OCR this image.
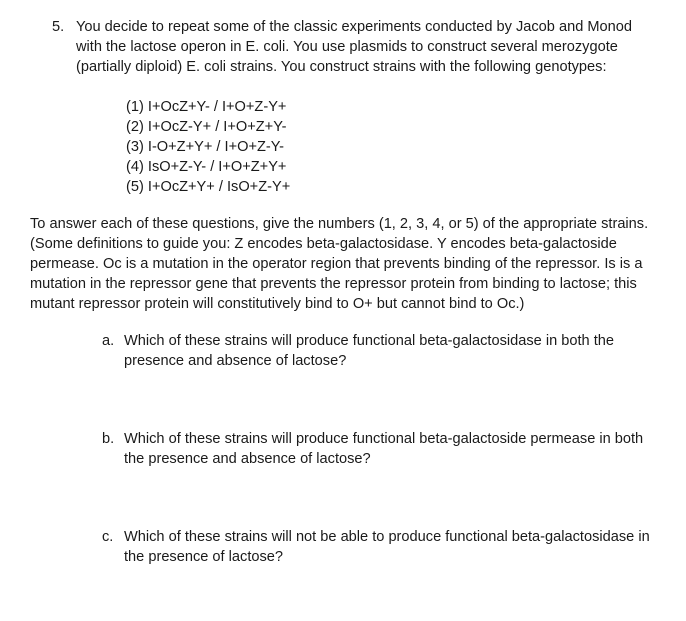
5. You decide to repeat some of the classic experiments conducted by Jacob and Monod with the lactose operon in E. coli. You use plasmids to construct several merozygote (partially diploid) E. coli strains. You construct strains with the following genotypes:
(1) I+OcZ+Y- / I+O+Z-Y+
(2) I+OcZ-Y+ / I+O+Z+Y-
(3) I-O+Z+Y+ / I+O+Z-Y-
(4) IsO+Z-Y- / I+O+Z+Y+
(5) I+OcZ+Y+ / IsO+Z-Y+
To answer each of these questions, give the numbers (1, 2, 3, 4, or 5) of the appropriate strains. (Some definitions to guide you: Z encodes beta-galactosidase. Y encodes beta-galactoside permease. Oc is a mutation in the operator region that prevents binding of the repressor. Is is a mutation in the repressor gene that prevents the repressor protein from binding to lactose; this mutant repressor protein will constitutively bind to O+ but cannot bind to Oc.)
a. Which of these strains will produce functional beta-galactosidase in both the presence and absence of lactose?
b. Which of these strains will produce functional beta-galactoside permease in both the presence and absence of lactose?
c. Which of these strains will not be able to produce functional beta-galactosidase in the presence of lactose?
